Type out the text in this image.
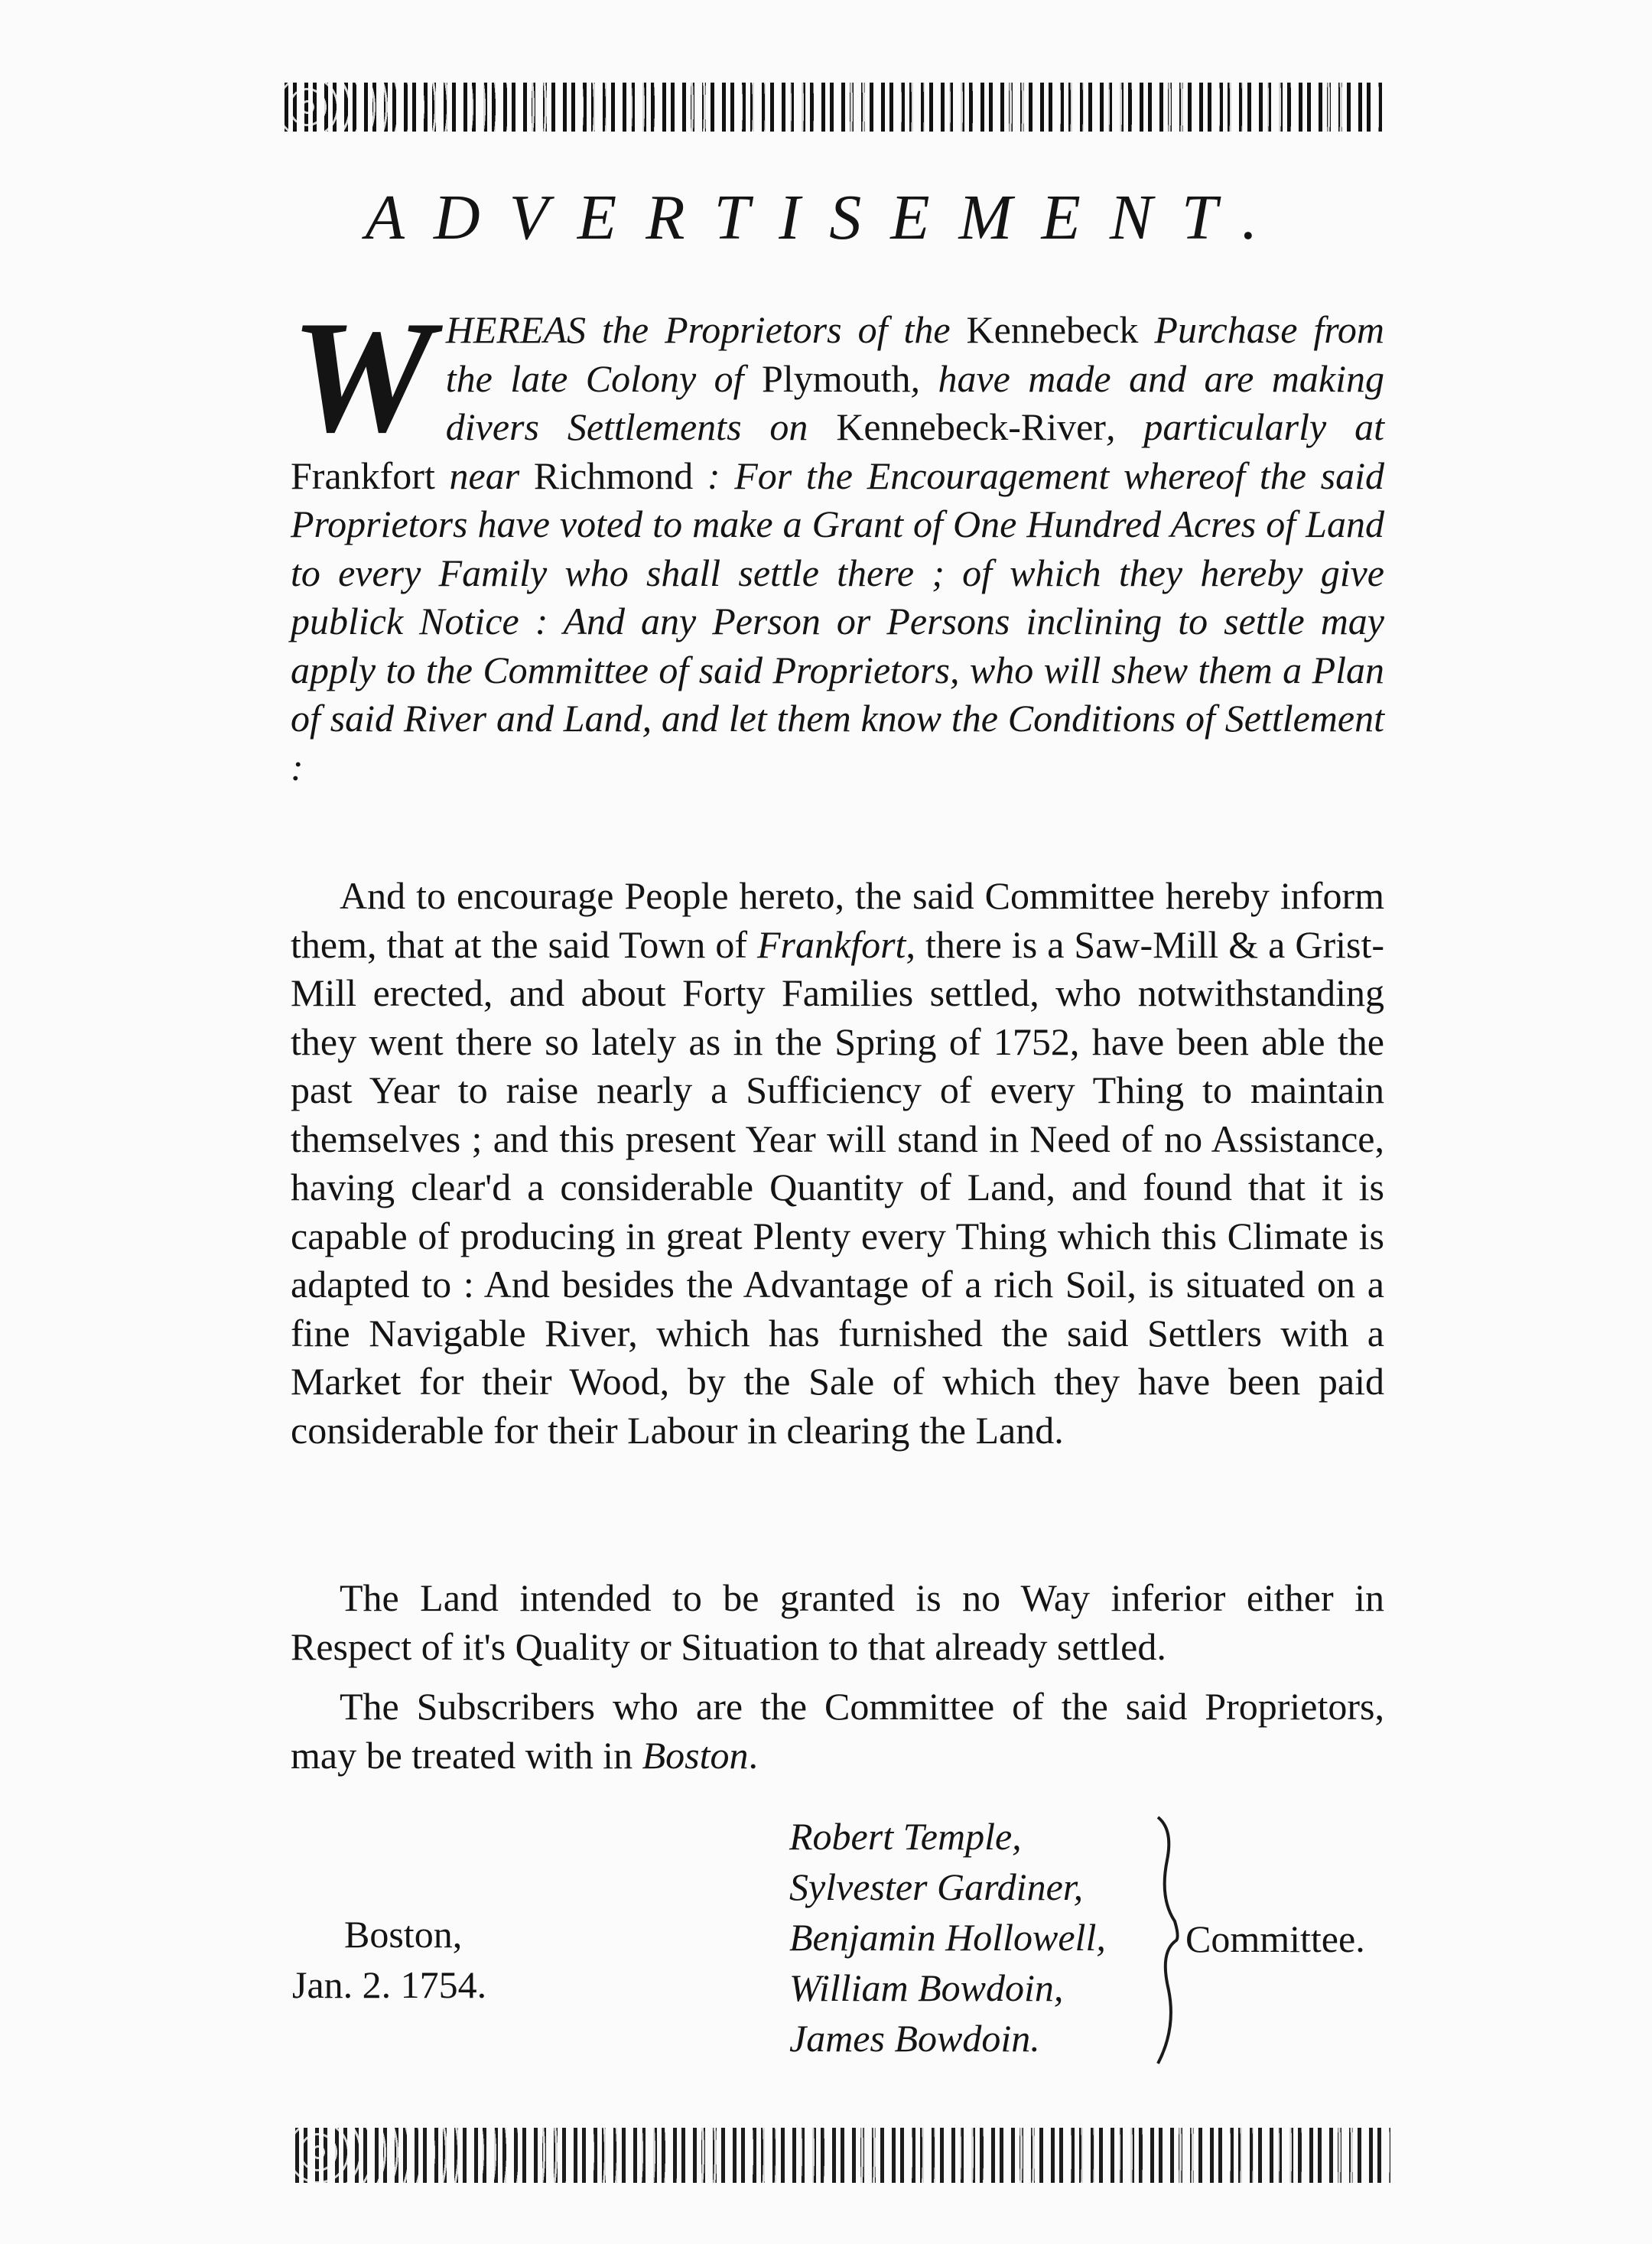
ADVERTISEMENT.

WHEREAS the Proprietors of the Kennebeck Purchase from the late Colony of Plymouth, have made and are making divers Settlements on Kennebeck-River, particularly at Frankfort near Richmond : For the Encouragement whereof the said Proprietors have voted to make a Grant of One Hundred Acres of Land to every Family who shall settle there ; of which they hereby give publick Notice : And any Person or Persons inclining to settle may apply to the Committee of said Proprietors, who will shew them a Plan of said River and Land, and let them know the Conditions of Settlement :

And to encourage People hereto, the said Committee hereby inform them, that at the said Town of Frankfort, there is a Saw-Mill & a Grist-Mill erected, and about Forty Families settled, who notwithstanding they went there so lately as in the Spring of 1752, have been able the past Year to raise nearly a Sufficiency of every Thing to maintain themselves ; and this present Year will stand in Need of no Assistance, having clear'd a considerable Quantity of Land, and found that it is capable of producing in great Plenty every Thing which this Climate is adapted to : And besides the Advantage of a rich Soil, is situated on a fine Navigable River, which has furnished the said Settlers with a Market for their Wood, by the Sale of which they have been paid considerable for their Labour in clearing the Land.

The Land intended to be granted is no Way inferior either in Respect of it's Quality or Situation to that already settled.

The Subscribers who are the Committee of the said Proprietors, may be treated with in Boston.

Boston,
Jan. 2. 1754.
Robert Temple,
Sylvester Gardiner,
Benjamin Hollowell,
William Bowdoin,
James Bowdoin.
Committee.
